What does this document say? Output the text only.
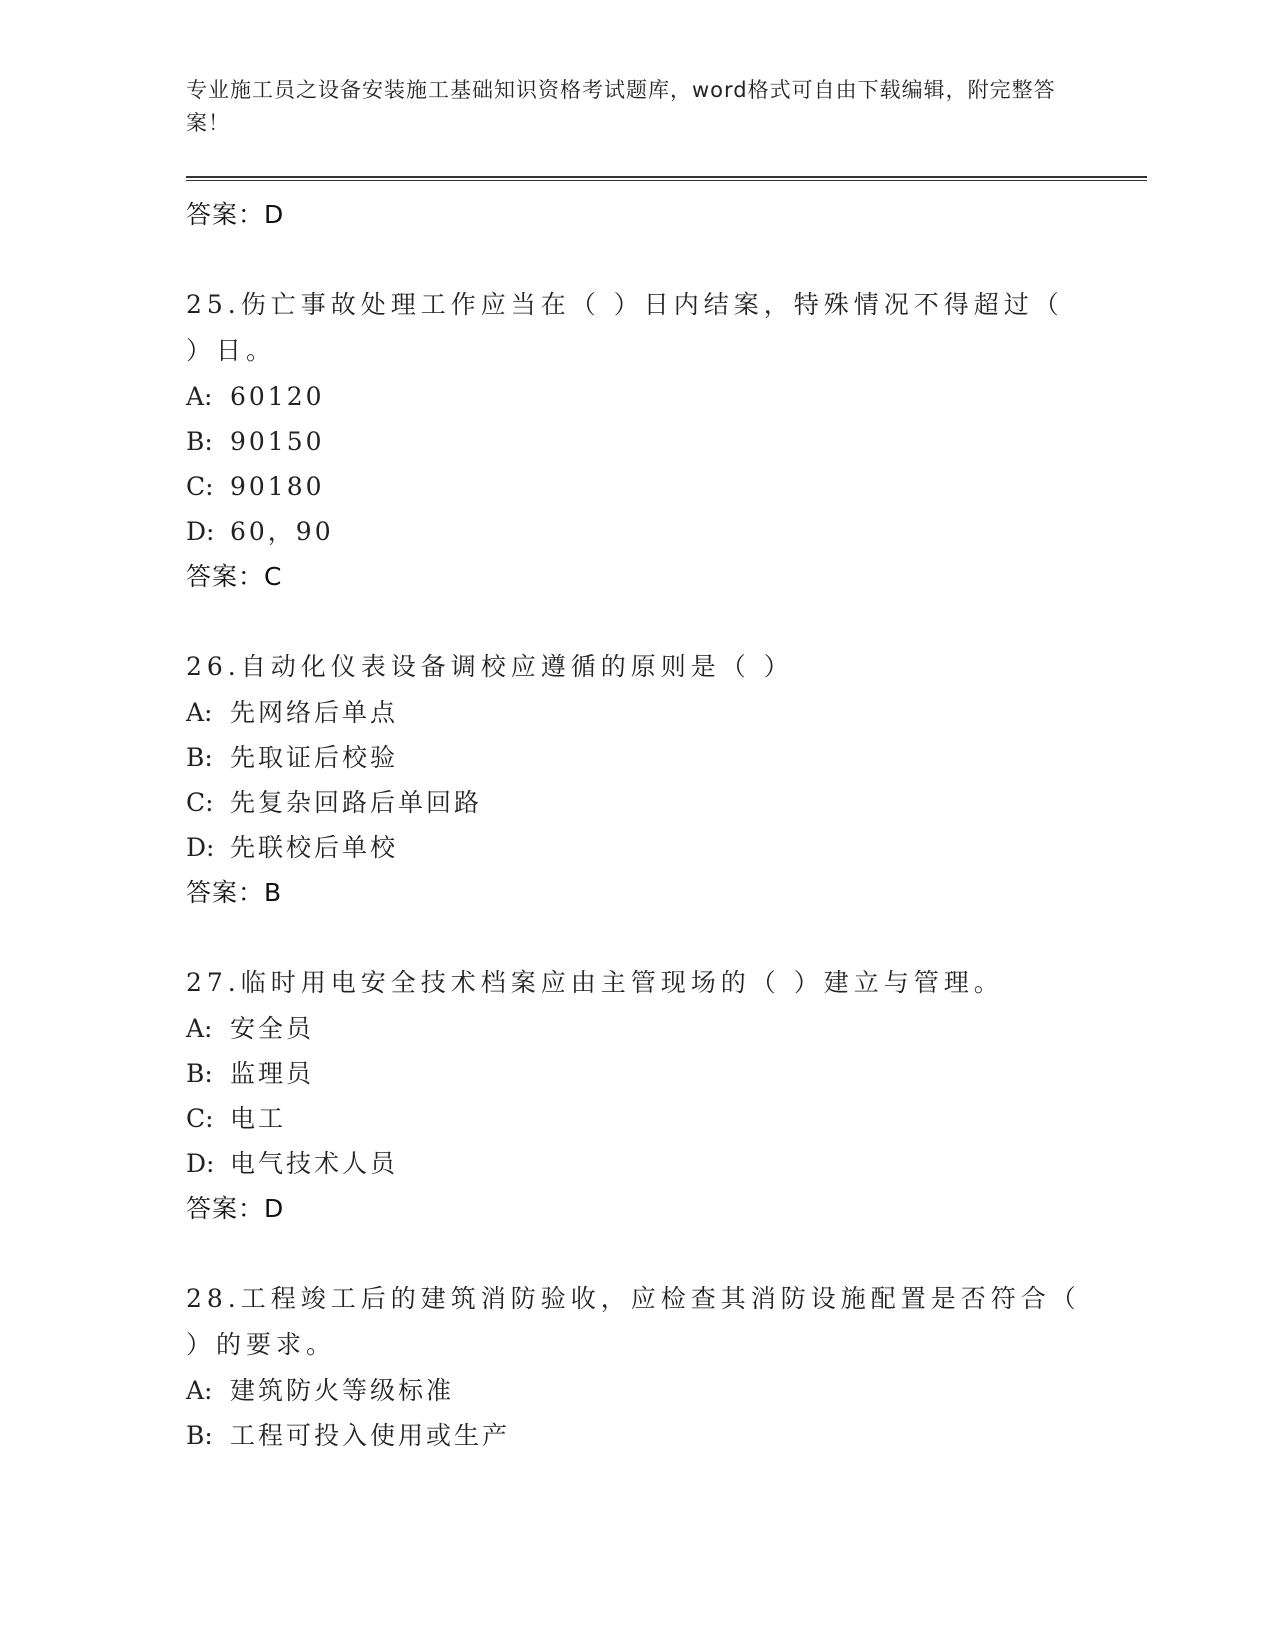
专业施工员之设备安装施工基础知识资格考试题库，word格式可自由下载编辑，附完整答案！
答案：D
25.伤亡事故处理工作应当在（ ）日内结案，特殊情况不得超过（ ）日。
A: 60120
B: 90150
C: 90180
D: 60，90
答案：C
26.自动化仪表设备调校应遵循的原则是（ ）
A: 先网络后单点
B: 先取证后校验
C: 先复杂回路后单回路
D: 先联校后单校
答案：B
27.临时用电安全技术档案应由主管现场的（ ）建立与管理。
A: 安全员
B: 监理员
C: 电工
D: 电气技术人员
答案：D
28.工程竣工后的建筑消防验收，应检查其消防设施配置是否符合（ ）的要求。
A: 建筑防火等级标准
B: 工程可投入使用或生产
